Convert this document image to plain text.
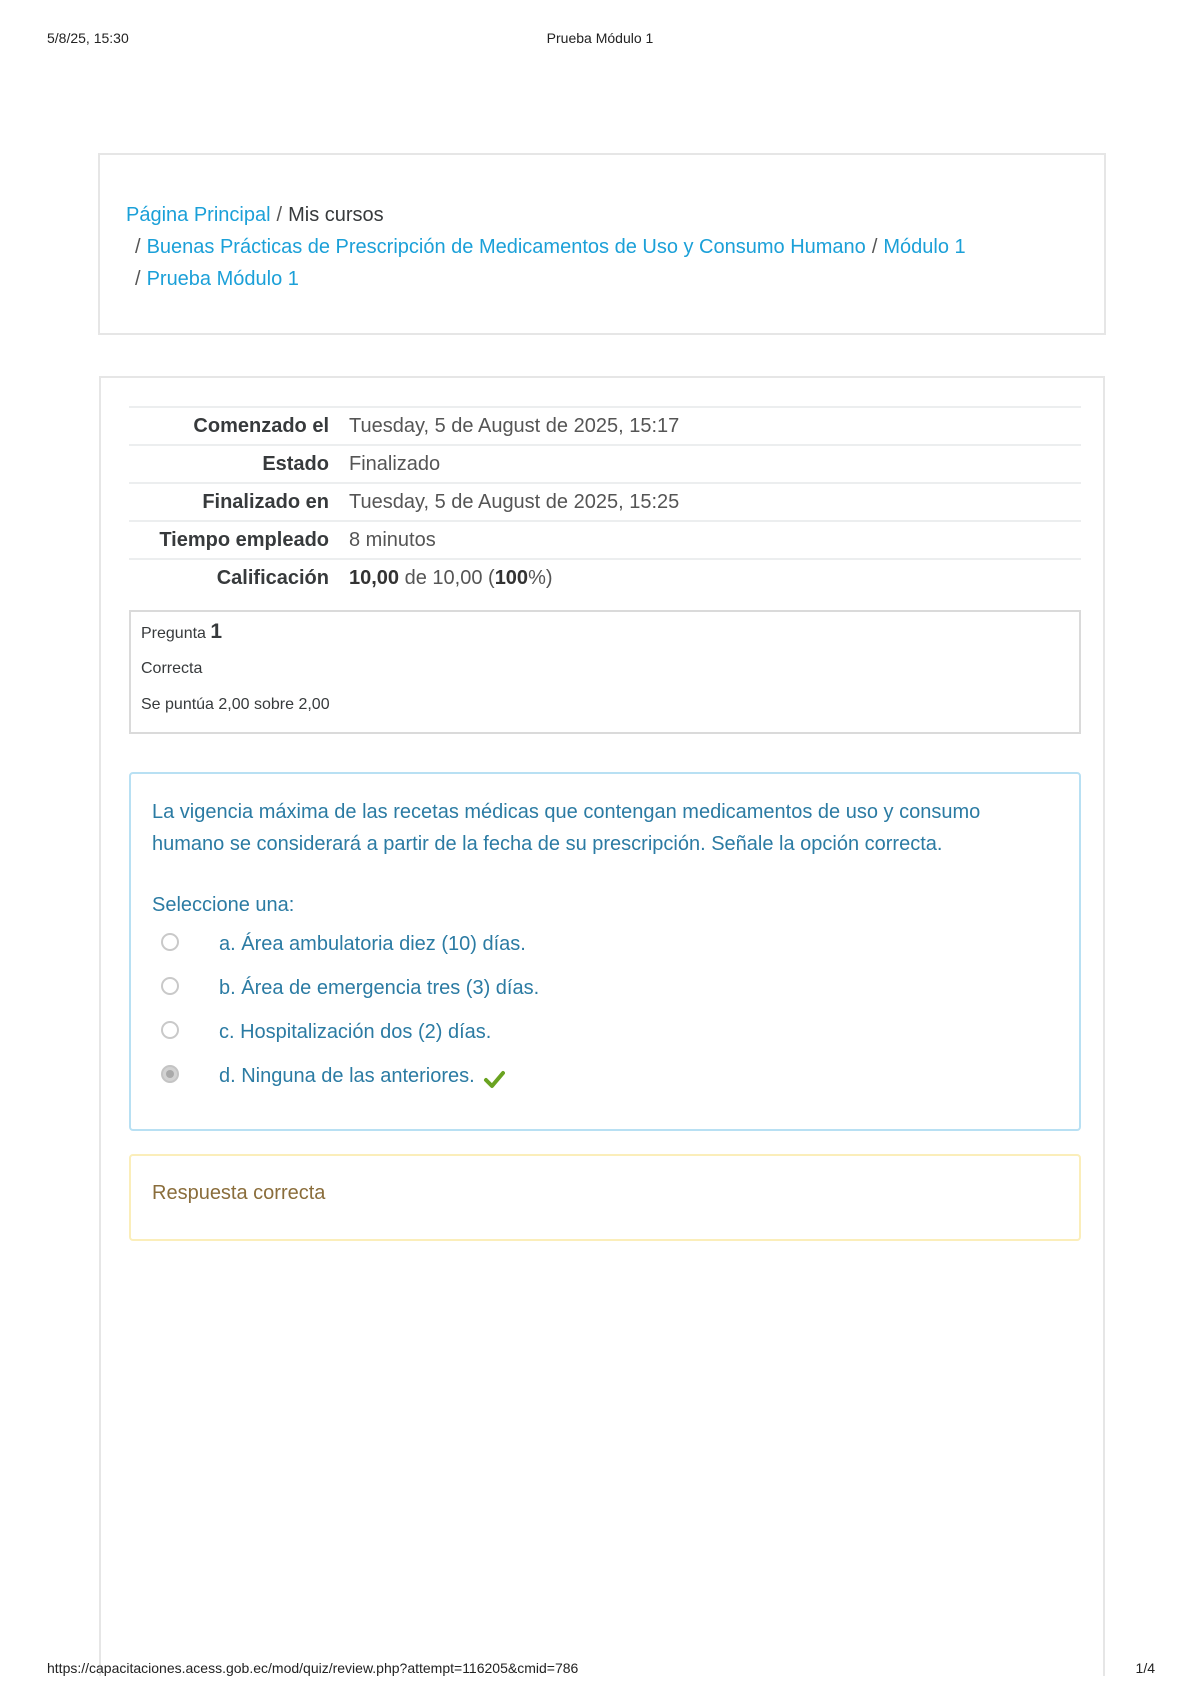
5/8/25, 15:30	Prueba Módulo 1
Página Principal / Mis cursos
/ Buenas Prácticas de Prescripción de Medicamentos de Uso y Consumo Humano / Módulo 1
/ Prueba Módulo 1
Comenzado el	Tuesday, 5 de August de 2025, 15:17
Estado	Finalizado
Finalizado en	Tuesday, 5 de August de 2025, 15:25
Tiempo empleado	8 minutos
Calificación	10,00 de 10,00 (100%)
Pregunta 1
Correcta
Se puntúa 2,00 sobre 2,00
La vigencia máxima de las recetas médicas que contengan medicamentos de uso y consumo humano se considerará a partir de la fecha de su prescripción. Señale la opción correcta.
Seleccione una:
a. Área ambulatoria diez (10) días.
b. Área de emergencia tres (3) días.
c. Hospitalización dos (2) días.
d. Ninguna de las anteriores.
Respuesta correcta
https://capacitaciones.acess.gob.ec/mod/quiz/review.php?attempt=116205&cmid=786	1/4
